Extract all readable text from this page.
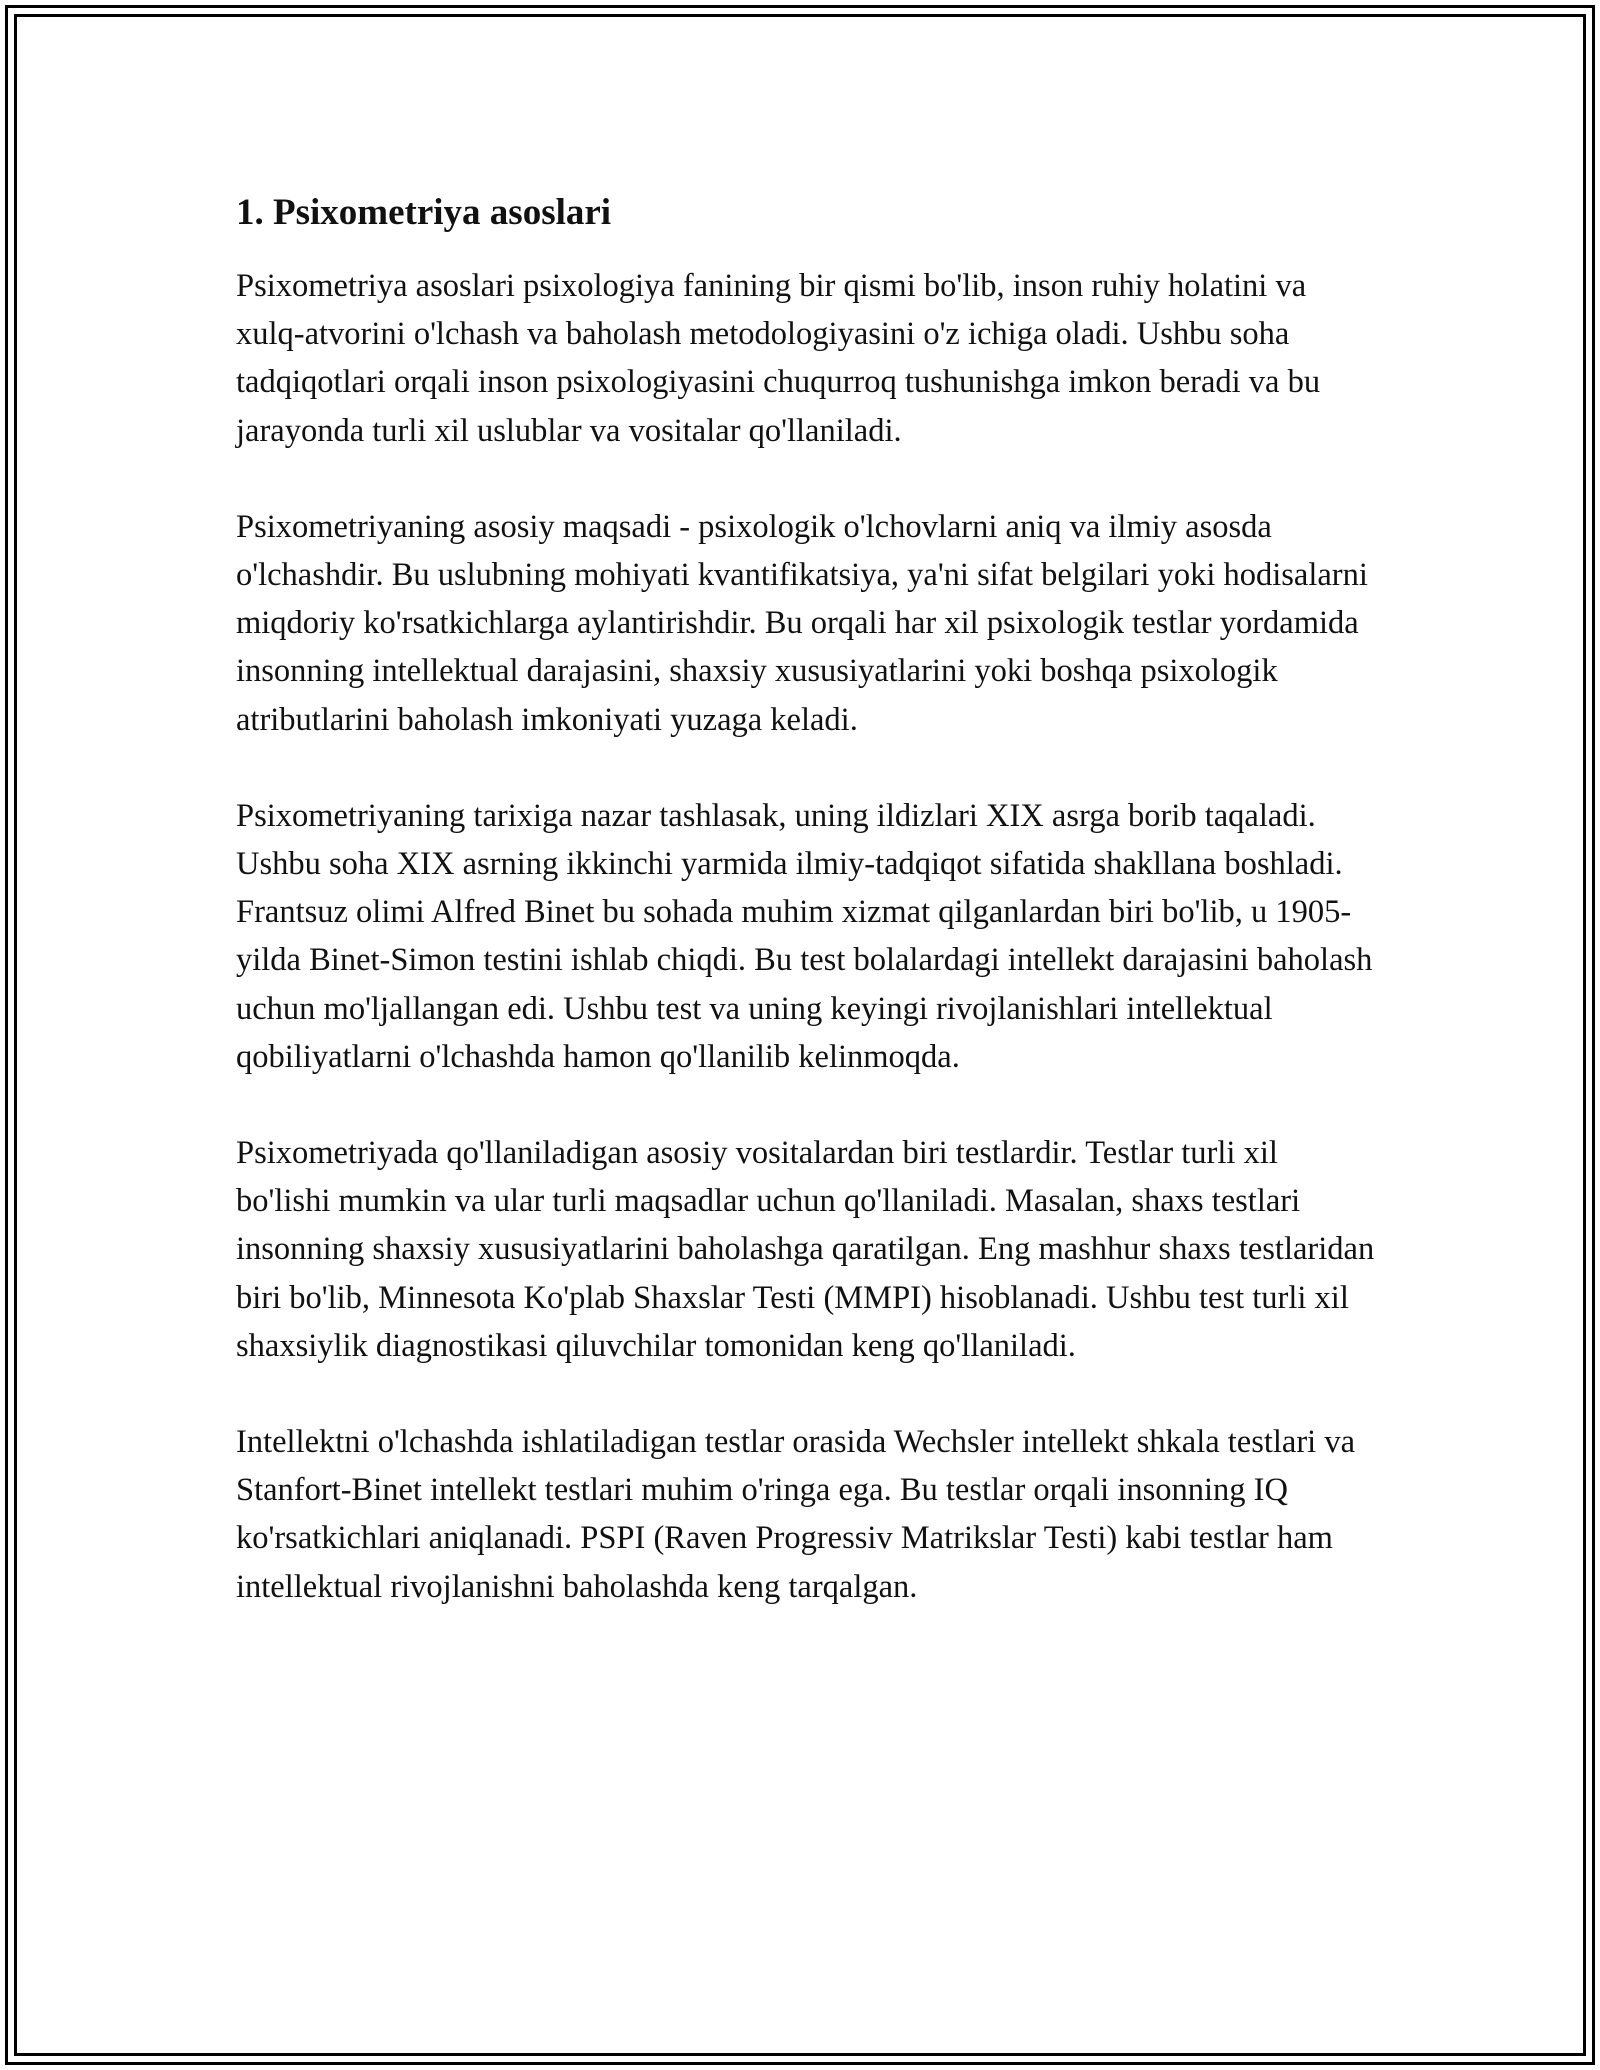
1. Psixometriya asoslari

Psixometriya asoslari psixologiya fanining bir qismi bo'lib, inson ruhiy holatini va xulq-atvorini o'lchash va baholash metodologiyasini o'z ichiga oladi. Ushbu soha tadqiqotlari orqali inson psixologiyasini chuqurroq tushunishga imkon beradi va bu jarayonda turli xil uslublar va vositalar qo'llaniladi.

Psixometriyaning asosiy maqsadi - psixologik o'lchovlarni aniq va ilmiy asosda o'lchashdir. Bu uslubning mohiyati kvantifikatsiya, ya'ni sifat belgilari yoki hodisalarni miqdoriy ko'rsatkichlarga aylantirishdir. Bu orqali har xil psixologik testlar yordamida insonning intellektual darajasini, shaxsiy xususiyatlarini yoki boshqa psixologik atributlarini baholash imkoniyati yuzaga keladi.

Psixometriyaning tarixiga nazar tashlasak, uning ildizlari XIX asrga borib taqaladi. Ushbu soha XIX asrning ikkinchi yarmida ilmiy-tadqiqot sifatida shakllana boshladi. Frantsuz olimi Alfred Binet bu sohada muhim xizmat qilganlardan biri bo'lib, u 1905-yilda Binet-Simon testini ishlab chiqdi. Bu test bolalardagi intellekt darajasini baholash uchun mo'ljallangan edi. Ushbu test va uning keyingi rivojlanishlari intellektual qobiliyatlarni o'lchashda hamon qo'llanilib kelinmoqda.

Psixometriyada qo'llaniladigan asosiy vositalardan biri testlardir. Testlar turli xil bo'lishi mumkin va ular turli maqsadlar uchun qo'llaniladi. Masalan, shaxs testlari insonning shaxsiy xususiyatlarini baholashga qaratilgan. Eng mashhur shaxs testlaridan biri bo'lib, Minnesota Ko'plab Shaxslar Testi (MMPI) hisoblanadi. Ushbu test turli xil shaxsiylik diagnostikasi qiluvchilar tomonidan keng qo'llaniladi.

Intellektni o'lchashda ishlatiladigan testlar orasida Wechsler intellekt shkala testlari va Stanfort-Binet intellekt testlari muhim o'ringa ega. Bu testlar orqali insonning IQ ko'rsatkichlari aniqlanadi. PSPI (Raven Progressiv Matrikslar Testi) kabi testlar ham intellektual rivojlanishni baholashda keng tarqalgan.
